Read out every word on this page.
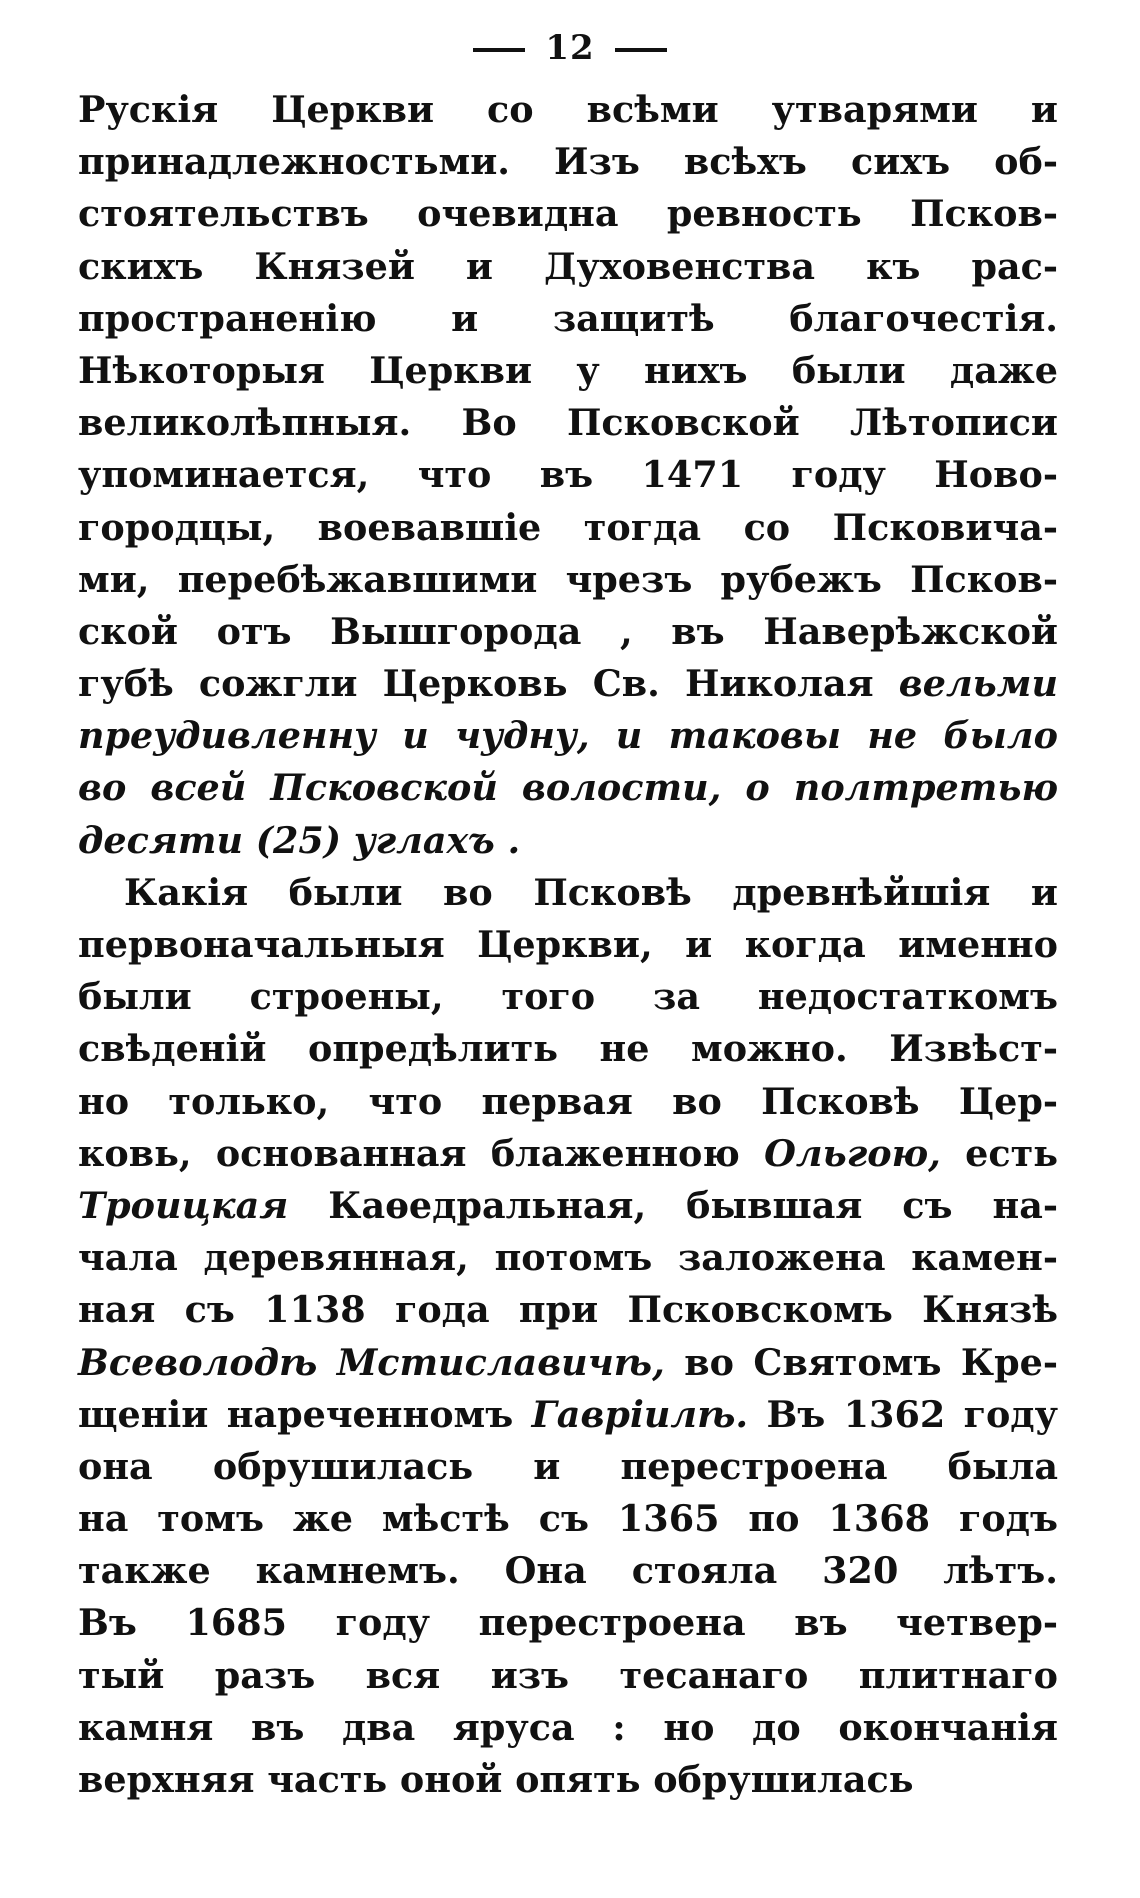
12
Рускія Церкви со всѣми утварями и
принадлежностьми. Изъ всѣхъ сихъ об-
стоятельствъ очевидна ревность Псков-
скихъ Князей и Духовенства къ рас-
пространенію и защитѣ благочестія.
Нѣкоторыя Церкви у нихъ были даже
великолѣпныя. Во Псковской Лѣтописи
упоминается, что въ 1471 году Ново-
городцы, воевавшіе тогда со Псковича-
ми, перебѣжавшими чрезъ рубежъ Псков-
ской отъ Вышгорода , въ Наверѣжской
губѣ сожгли Церковь Св. Николая вельми
преудивленну и чудну, и таковы не было
во всей Псковской волости, о полтретью
десяти (25) углахъ .
Какія были во Псковѣ древнѣйшія и
первоначальныя Церкви, и когда именно
были строены, того за недостаткомъ
свѣденій опредѣлить не можно. Извѣст-
но только, что первая во Псковѣ Цер-
ковь, основанная блаженною Ольгою, есть
Троицкая Каѳедральная, бывшая съ на-
чала деревянная, потомъ заложена камен-
ная съ 1138 года при Псковскомъ Князѣ
Всеволодѣ Мстиславичѣ, во Святомъ Кре-
щеніи нареченномъ Гавріилѣ. Въ 1362 году
она обрушилась и перестроена была
на томъ же мѣстѣ съ 1365 по 1368 годъ
также камнемъ. Она стояла 320 лѣтъ.
Въ 1685 году перестроена въ четвер-
тый разъ вся изъ тесанаго плитнаго
камня въ два яруса : но до окончанія
верхняя часть оной опять обрушилась
